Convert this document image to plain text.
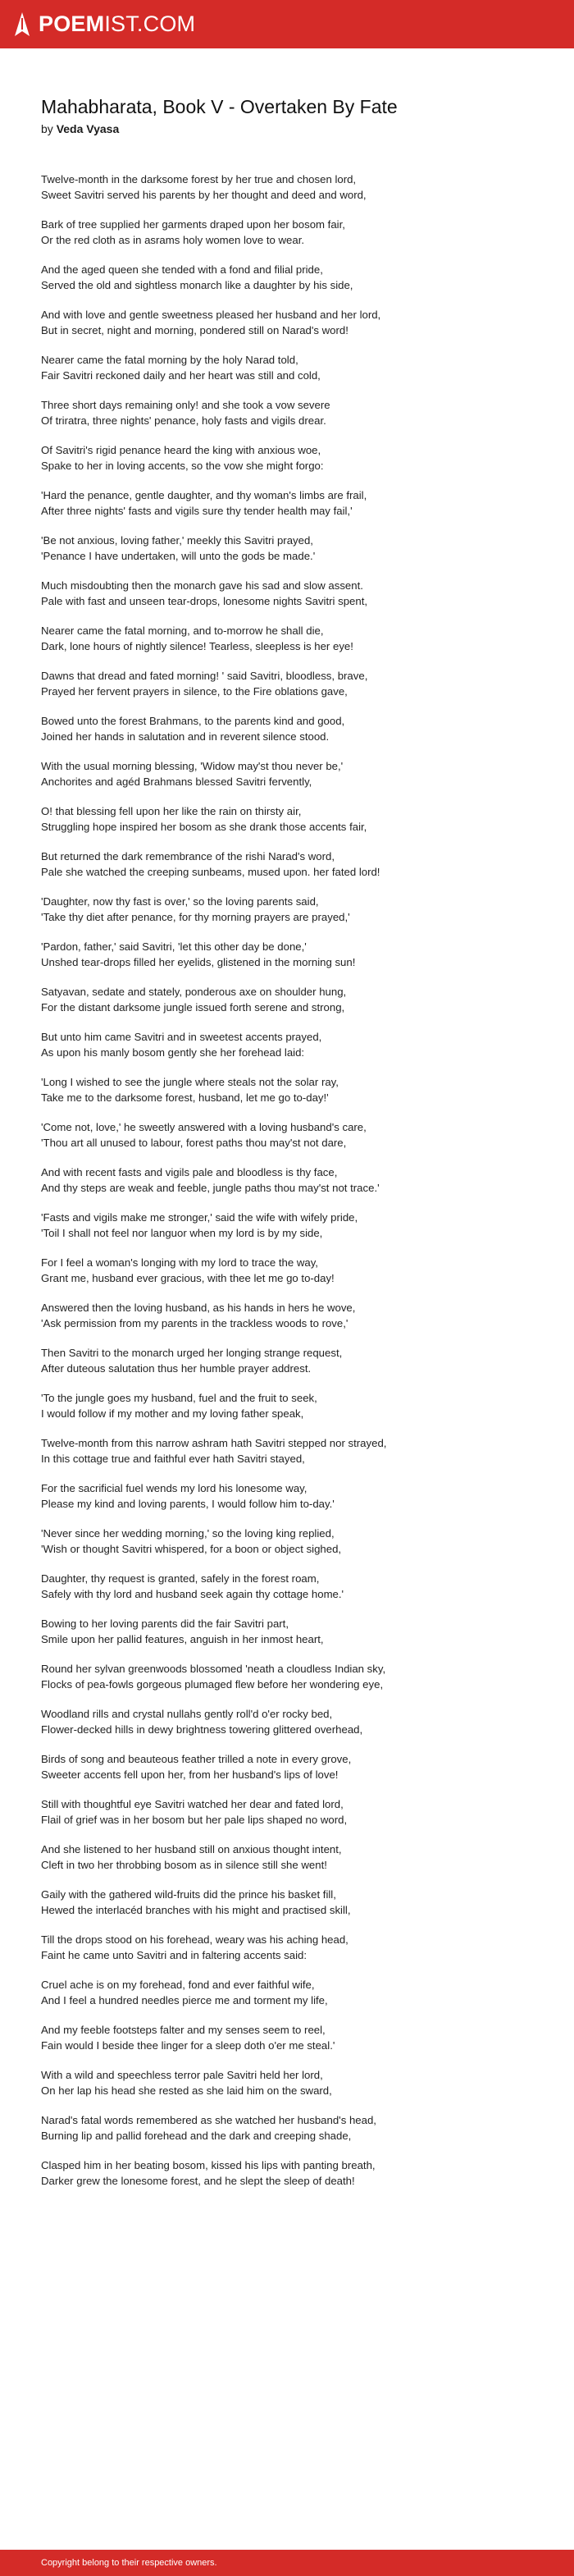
POEMIST.COM
Mahabharata, Book V - Overtaken By Fate
by Veda Vyasa

Twelve-month in the darksome forest by her true and chosen lord,
Sweet Savitri served his parents by her thought and deed and word,

Bark of tree supplied her garments draped upon her bosom fair,
Or the red cloth as in asrams holy women love to wear.

And the aged queen she tended with a fond and filial pride,
Served the old and sightless monarch like a daughter by his side,

And with love and gentle sweetness pleased her husband and her lord,
But in secret, night and morning, pondered still on Narad's word!

Nearer came the fatal morning by the holy Narad told,
Fair Savitri reckoned daily and her heart was still and cold,

Three short days remaining only! and she took a vow severe
Of triratra, three nights' penance, holy fasts and vigils drear.

Of Savitri's rigid penance heard the king with anxious woe,
Spake to her in loving accents, so the vow she might forgo:

'Hard the penance, gentle daughter, and thy woman's limbs are frail,
After three nights' fasts and vigils sure thy tender health may fail,'

'Be not anxious, loving father,' meekly this Savitri prayed,
'Penance I have undertaken, will unto the gods be made.'

Much misdoubting then the monarch gave his sad and slow assent.
Pale with fast and unseen tear-drops, lonesome nights Savitri spent,

Nearer came the fatal morning, and to-morrow he shall die,
Dark, lone hours of nightly silence! Tearless, sleepless is her eye!

Dawns that dread and fated morning! ' said Savitri, bloodless, brave,
Prayed her fervent prayers in silence, to the Fire oblations gave,

Bowed unto the forest Brahmans, to the parents kind and good,
Joined her hands in salutation and in reverent silence stood.

With the usual morning blessing, 'Widow may'st thou never be,'
Anchorites and agéd Brahmans blessed Savitri fervently,

O! that blessing fell upon her like the rain on thirsty air,
Struggling hope inspired her bosom as she drank those accents fair,

But returned the dark remembrance of the rishi Narad's word,
Pale she watched the creeping sunbeams, mused upon. her fated lord!

'Daughter, now thy fast is over,' so the loving parents said,
'Take thy diet after penance, for thy morning prayers are prayed,'

'Pardon, father,' said Savitri, 'let this other day be done,'
Unshed tear-drops filled her eyelids, glistened in the morning sun!

Satyavan, sedate and stately, ponderous axe on shoulder hung,
For the distant darksome jungle issued forth serene and strong,

But unto him came Savitri and in sweetest accents prayed,
As upon his manly bosom gently she her forehead laid:

'Long I wished to see the jungle where steals not the solar ray,
Take me to the darksome forest, husband, let me go to-day!'

'Come not, love,' he sweetly answered with a loving husband's care,
'Thou art all unused to labour, forest paths thou may'st not dare,

And with recent fasts and vigils pale and bloodless is thy face,
And thy steps are weak and feeble, jungle paths thou may'st not trace.'

'Fasts and vigils make me stronger,' said the wife with wifely pride,
'Toil I shall not feel nor languor when my lord is by my side,

For I feel a woman's longing with my lord to trace the way,
Grant me, husband ever gracious, with thee let me go to-day!

Answered then the loving husband, as his hands in hers he wove,
'Ask permission from my parents in the trackless woods to rove,'

Then Savitri to the monarch urged her longing strange request,
After duteous salutation thus her humble prayer addrest.

'To the jungle goes my husband, fuel and the fruit to seek,
I would follow if my mother and my loving father speak,

Twelve-month from this narrow ashram hath Savitri stepped nor strayed,
In this cottage true and faithful ever hath Savitri stayed,

For the sacrificial fuel wends my lord his lonesome way,
Please my kind and loving parents, I would follow him to-day.'

'Never since her wedding morning,' so the loving king replied,
'Wish or thought Savitri whispered, for a boon or object sighed,

Daughter, thy request is granted, safely in the forest roam,
Safely with thy lord and husband seek again thy cottage home.'

Bowing to her loving parents did the fair Savitri part,
Smile upon her pallid features, anguish in her inmost heart,

Round her sylvan greenwoods blossomed 'neath a cloudless Indian sky,
Flocks of pea-fowls gorgeous plumaged flew before her wondering eye,

Woodland rills and crystal nullahs gently roll'd o'er rocky bed,
Flower-decked hills in dewy brightness towering glittered overhead,

Birds of song and beauteous feather trilled a note in every grove,
Sweeter accents fell upon her, from her husband's lips of love!

Still with thoughtful eye Savitri watched her dear and fated lord,
Flail of grief was in her bosom but her pale lips shaped no word,

And she listened to her husband still on anxious thought intent,
Cleft in two her throbbing bosom as in silence still she went!

Gaily with the gathered wild-fruits did the prince his basket fill,
Hewed the interlacéd branches with his might and practised skill,

Till the drops stood on his forehead, weary was his aching head,
Faint he came unto Savitri and in faltering accents said:

Cruel ache is on my forehead, fond and ever faithful wife,
And I feel a hundred needles pierce me and torment my life,

And my feeble footsteps falter and my senses seem to reel,
Fain would I beside thee linger for a sleep doth o'er me steal.'

With a wild and speechless terror pale Savitri held her lord,
On her lap his head she rested as she laid him on the sward,

Narad's fatal words remembered as she watched her husband's head,
Burning lip and pallid forehead and the dark and creeping shade,

Clasped him in her beating bosom, kissed his lips with panting breath,
Darker grew the lonesome forest, and he slept the sleep of death!

Copyright belong to their respective owners.
